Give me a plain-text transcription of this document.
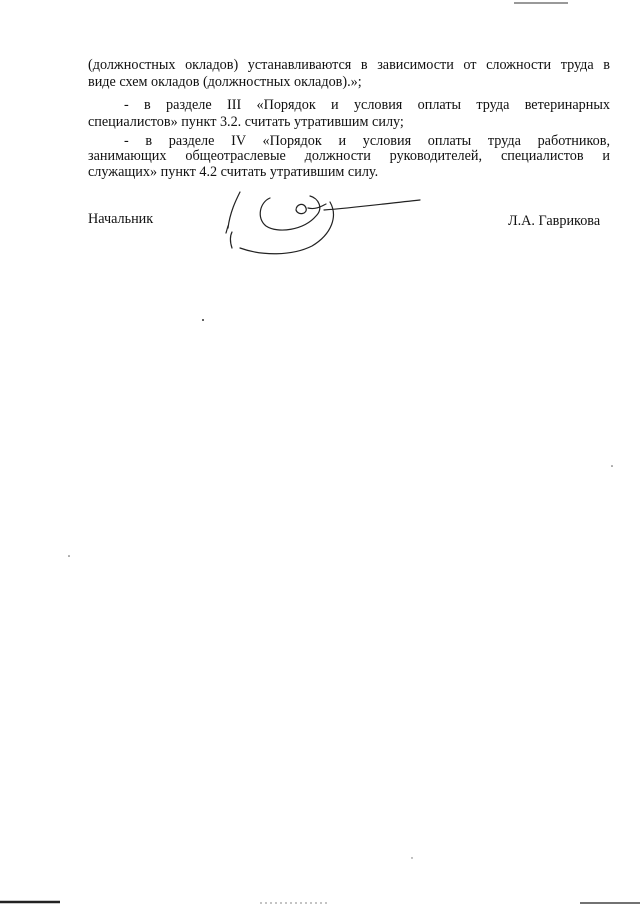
(должностных окладов) устанавливаются в зависимости от сложности труда в

виде схем окладов (должностных окладов).»;

- в разделе III «Порядок и условия оплаты труда ветеринарных

специалистов» пункт 3.2. считать утратившим силу;

- в разделе IV «Порядок и условия оплаты труда работников,

занимающих общеотраслевые должности руководителей, специалистов и

служащих» пункт 4.2 считать утратившим силу.

Начальник	Л.А. Гаврикова
